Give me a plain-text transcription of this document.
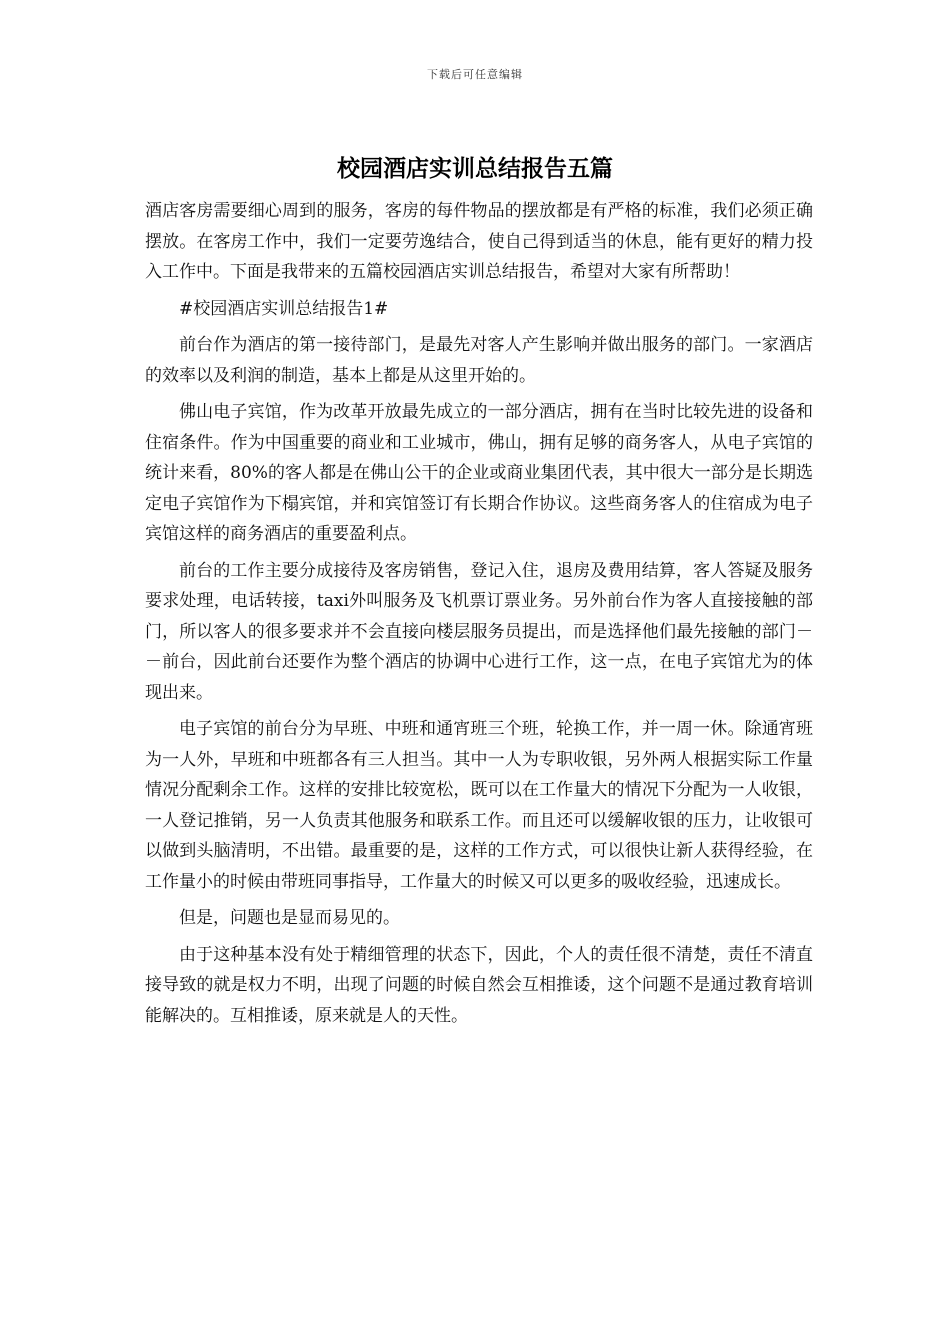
下载后可任意编辑
校园酒店实训总结报告五篇

酒店客房需要细心周到的服务，客房的每件物品的摆放都是有严格的标准，我们必须正确摆放。在客房工作中，我们一定要劳逸结合，使自己得到适当的休息，能有更好的精力投入工作中。下面是我带来的五篇校园酒店实训总结报告，希望对大家有所帮助！

#校园酒店实训总结报告1#

前台作为酒店的第一接待部门，是最先对客人产生影响并做出服务的部门。一家酒店的效率以及利润的制造，基本上都是从这里开始的。

佛山电子宾馆，作为改革开放最先成立的一部分酒店，拥有在当时比较先进的设备和住宿条件。作为中国重要的商业和工业城市，佛山，拥有足够的商务客人，从电子宾馆的统计来看，80%的客人都是在佛山公干的企业或商业集团代表，其中很大一部分是长期选定电子宾馆作为下榻宾馆，并和宾馆签订有长期合作协议。这些商务客人的住宿成为电子宾馆这样的商务酒店的重要盈利点。

前台的工作主要分成接待及客房销售，登记入住，退房及费用结算，客人答疑及服务要求处理，电话转接，taxi外叫服务及飞机票订票业务。另外前台作为客人直接接触的部门，所以客人的很多要求并不会直接向楼层服务员提出，而是选择他们最先接触的部门－－前台，因此前台还要作为整个酒店的协调中心进行工作，这一点，在电子宾馆尤为的体现出来。

电子宾馆的前台分为早班、中班和通宵班三个班，轮换工作，并一周一休。除通宵班为一人外，早班和中班都各有三人担当。其中一人为专职收银，另外两人根据实际工作量情况分配剩余工作。这样的安排比较宽松，既可以在工作量大的情况下分配为一人收银，一人登记推销，另一人负责其他服务和联系工作。而且还可以缓解收银的压力，让收银可以做到头脑清明，不出错。最重要的是，这样的工作方式，可以很快让新人获得经验，在工作量小的时候由带班同事指导，工作量大的时候又可以更多的吸收经验，迅速成长。

但是，问题也是显而易见的。

由于这种基本没有处于精细管理的状态下，因此，个人的责任很不清楚，责任不清直接导致的就是权力不明，出现了问题的时候自然会互相推诿，这个问题不是通过教育培训能解决的。互相推诿，原来就是人的天性。
